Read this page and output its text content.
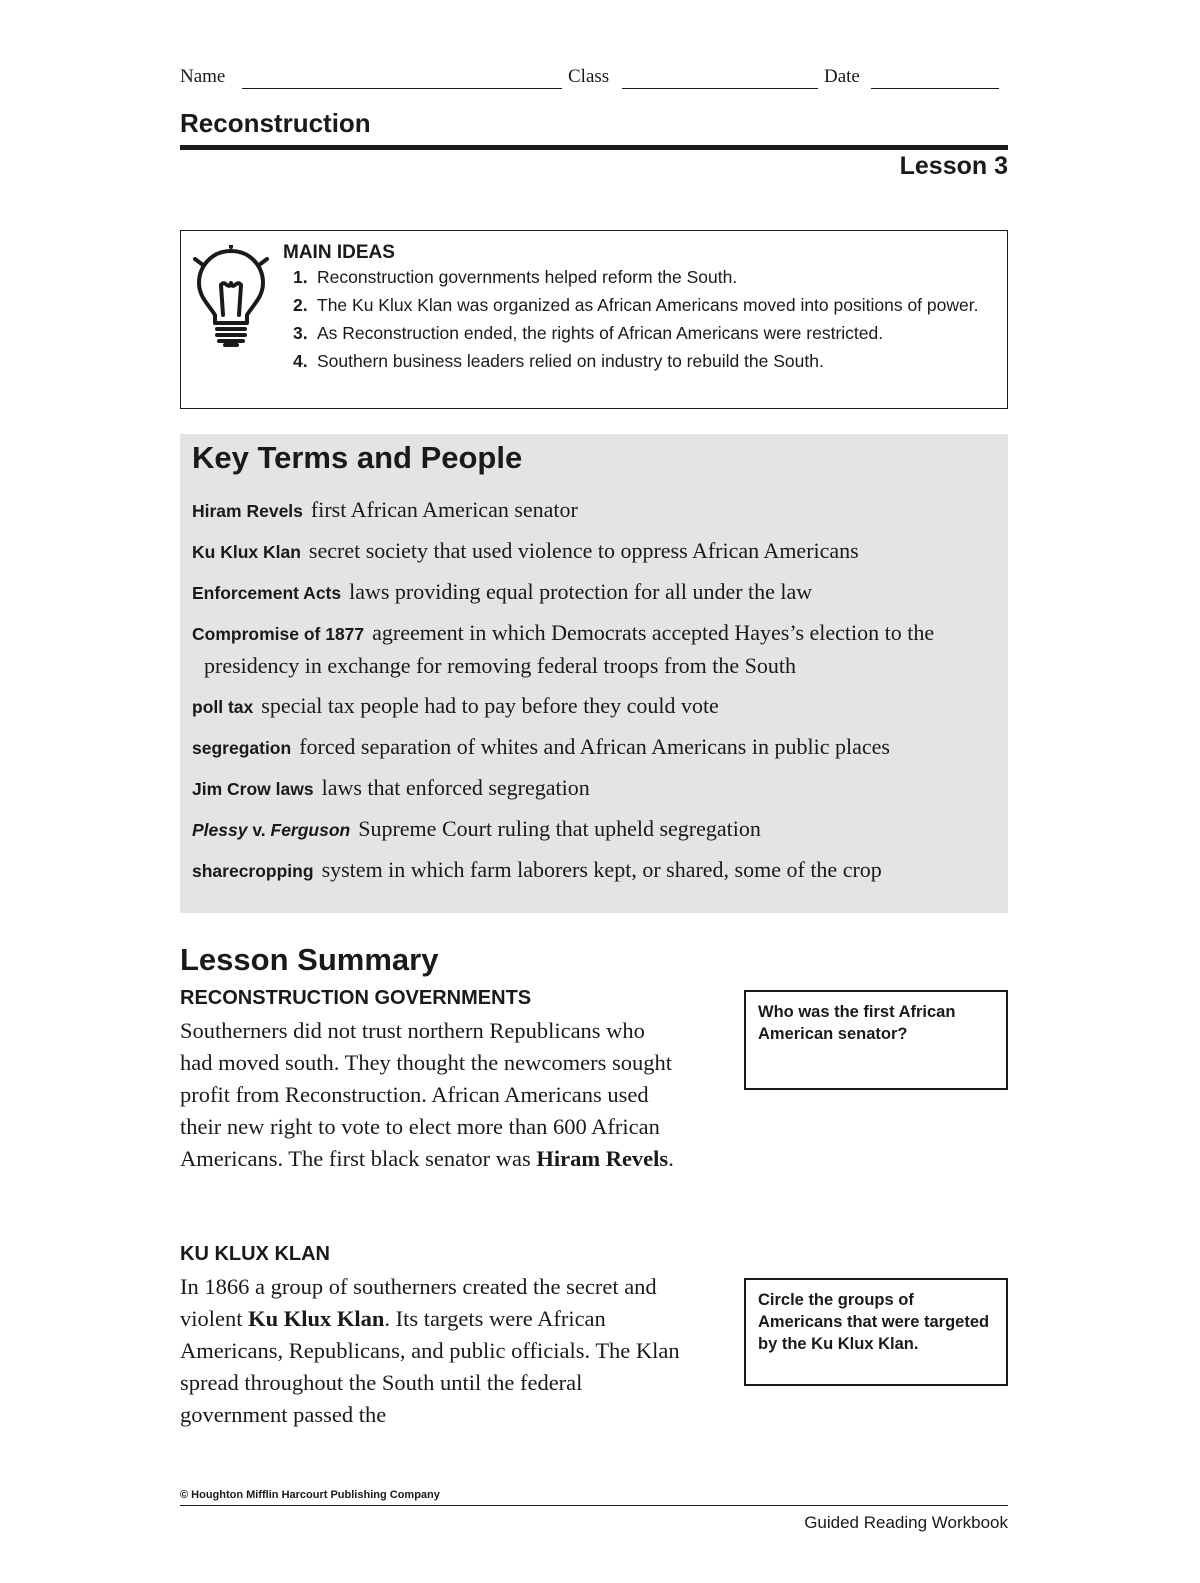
Name	Class	Date
Reconstruction
Lesson 3
MAIN IDEAS
1. Reconstruction governments helped reform the South.
2. The Ku Klux Klan was organized as African Americans moved into positions of power.
3. As Reconstruction ended, the rights of African Americans were restricted.
4. Southern business leaders relied on industry to rebuild the South.
Key Terms and People
Hiram Revels first African American senator
Ku Klux Klan secret society that used violence to oppress African Americans
Enforcement Acts laws providing equal protection for all under the law
Compromise of 1877 agreement in which Democrats accepted Hayes’s election to the presidency in exchange for removing federal troops from the South
poll tax special tax people had to pay before they could vote
segregation forced separation of whites and African Americans in public places
Jim Crow laws laws that enforced segregation
Plessy v. Ferguson Supreme Court ruling that upheld segregation
sharecropping system in which farm laborers kept, or shared, some of the crop
Lesson Summary
RECONSTRUCTION GOVERNMENTS
Southerners did not trust northern Republicans who had moved south. They thought the newcomers sought profit from Reconstruction. African Americans used their new right to vote to elect more than 600 African Americans. The first black senator was Hiram Revels.
Who was the first African American senator?
KU KLUX KLAN
In 1866 a group of southerners created the secret and violent Ku Klux Klan. Its targets were African Americans, Republicans, and public officials. The Klan spread throughout the South until the federal government passed the
Circle the groups of Americans that were targeted by the Ku Klux Klan.
© Houghton Mifflin Harcourt Publishing Company
Guided Reading Workbook
